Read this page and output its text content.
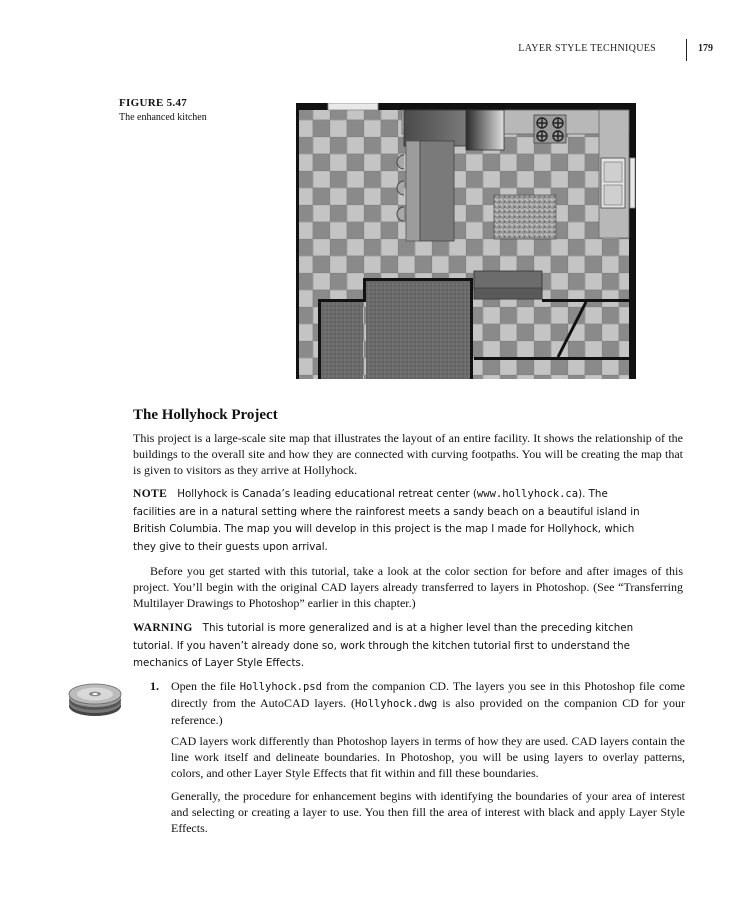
LAYER STYLE TECHNIQUES	179
FIGURE 5.47
The enhanced kitchen
The Hollyhock Project
This project is a large-scale site map that illustrates the layout of an entire facility. It shows the relationship of the buildings to the overall site and how they are connected with curving footpaths. You will be creating the map that is given to visitors as they arrive at Hollyhock.
NOTE Hollyhock is Canada’s leading educational retreat center (www.hollyhock.ca). The facilities are in a natural setting where the rainforest meets a sandy beach on a beautiful island in British Columbia. The map you will develop in this project is the map I made for Hollyhock, which they give to their guests upon arrival.
Before you get started with this tutorial, take a look at the color section for before and after images of this project. You’ll begin with the original CAD layers already transferred to layers in Photoshop. (See “Transferring Multilayer Drawings to Photoshop” earlier in this chapter.)
WARNING This tutorial is more generalized and is at a higher level than the preceding kitchen tutorial. If you haven’t already done so, work through the kitchen tutorial first to understand the mechanics of Layer Style Effects.
1. Open the file Hollyhock.psd from the companion CD. The layers you see in this Photoshop file come directly from the AutoCAD layers. (Hollyhock.dwg is also provided on the companion CD for your reference.)
CAD layers work differently than Photoshop layers in terms of how they are used. CAD layers contain the line work itself and delineate boundaries. In Photoshop, you will be using layers to overlay patterns, colors, and other Layer Style Effects that fit within and fill these boundaries.
Generally, the procedure for enhancement begins with identifying the boundaries of your area of interest and selecting or creating a layer to use. You then fill the area of interest with black and apply Layer Style Effects.
